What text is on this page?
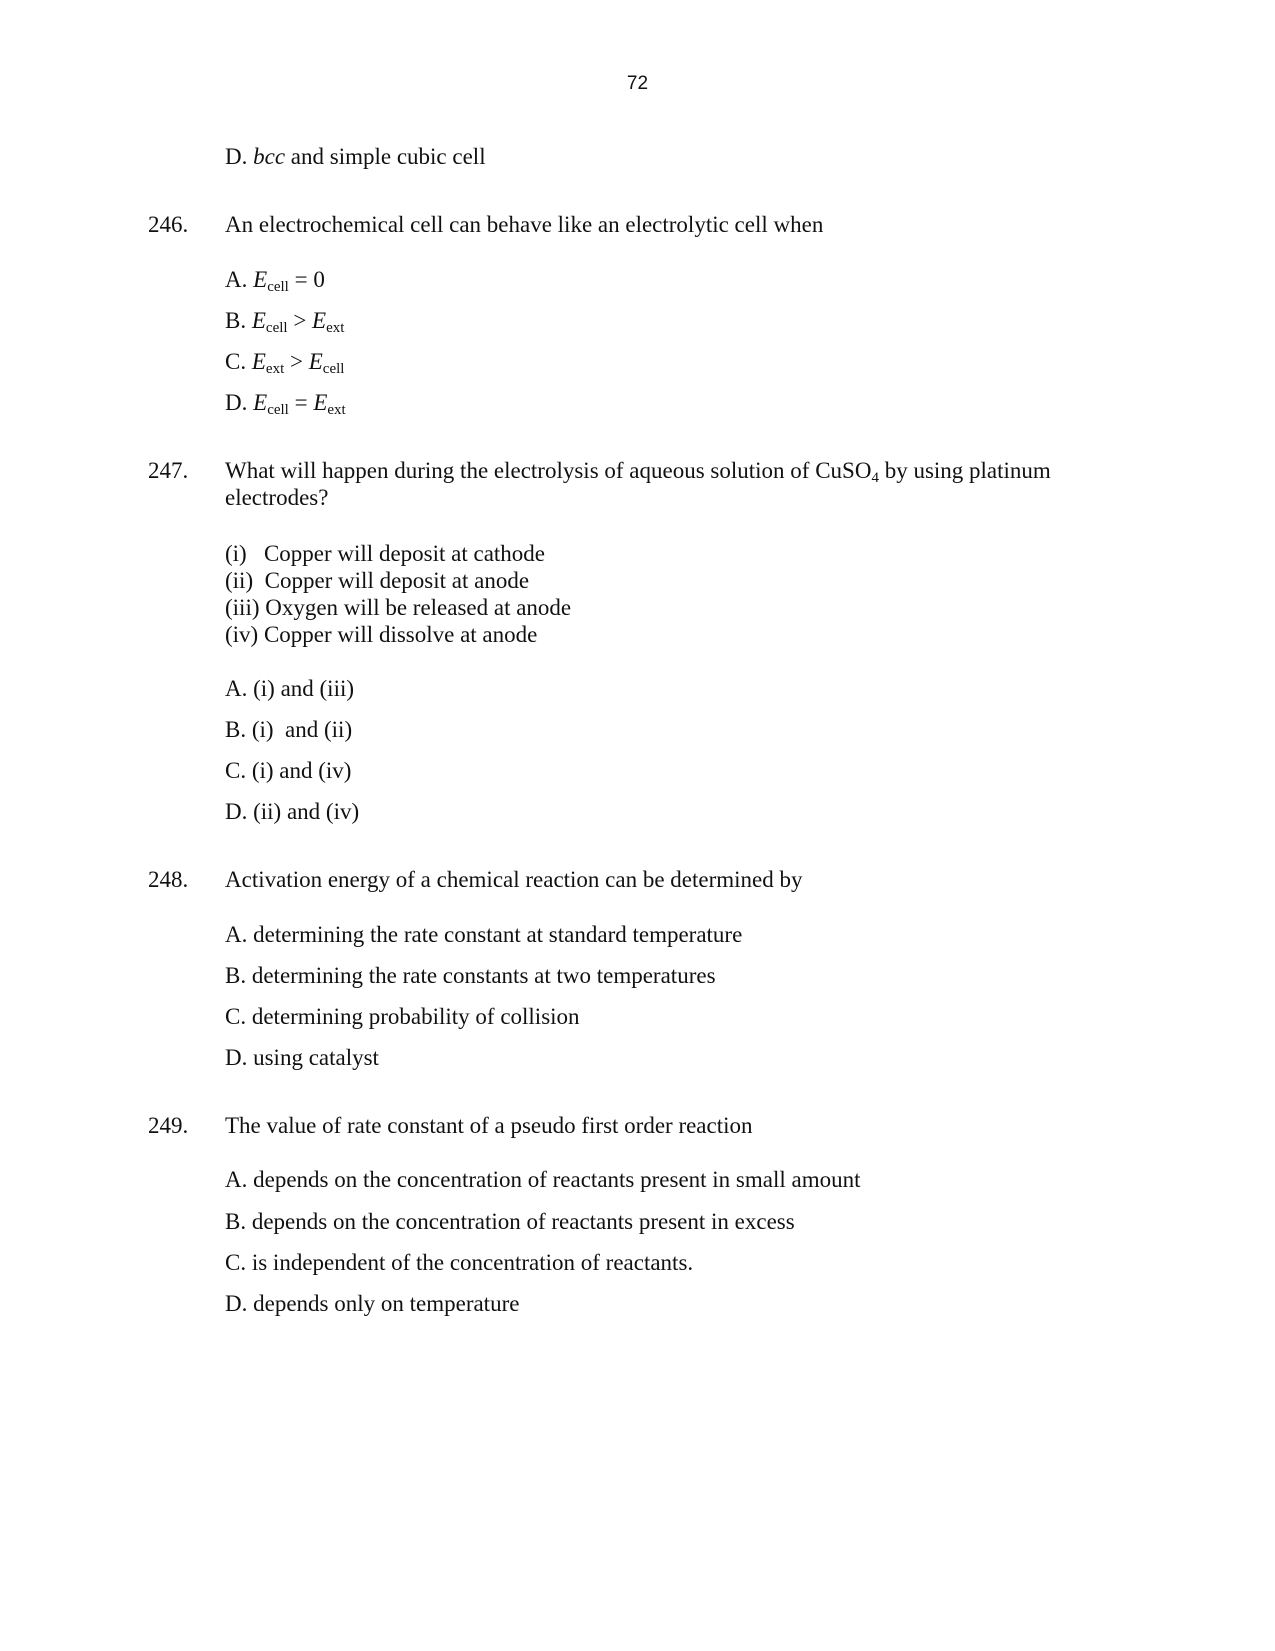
72
D. bcc and simple cubic cell
246. An electrochemical cell can behave like an electrolytic cell when
A. $E_{cell} = 0$
B. $E_{cell} > E_{ext}$
C. $E_{ext} > E_{cell}$
D. $E_{cell} = E_{ext}$
247. What will happen during the electrolysis of aqueous solution of CuSO$_4$ by using platinum
electrodes?
(i)   Copper will deposit at cathode
(ii)  Copper will deposit at anode
(iii) Oxygen will be released at anode
(iv) Copper will dissolve at anode
A. (i) and (iii)
B. (i)  and (ii)
C. (i) and (iv)
D. (ii) and (iv)
248. Activation energy of a chemical reaction can be determined by
A. determining the rate constant at standard temperature
B. determining the rate constants at two temperatures
C. determining probability of collision
D. using catalyst
249. The value of rate constant of a pseudo first order reaction
A. depends on the concentration of reactants present in small amount
B. depends on the concentration of reactants present in excess
C. is independent of the concentration of reactants.
D. depends only on temperature
